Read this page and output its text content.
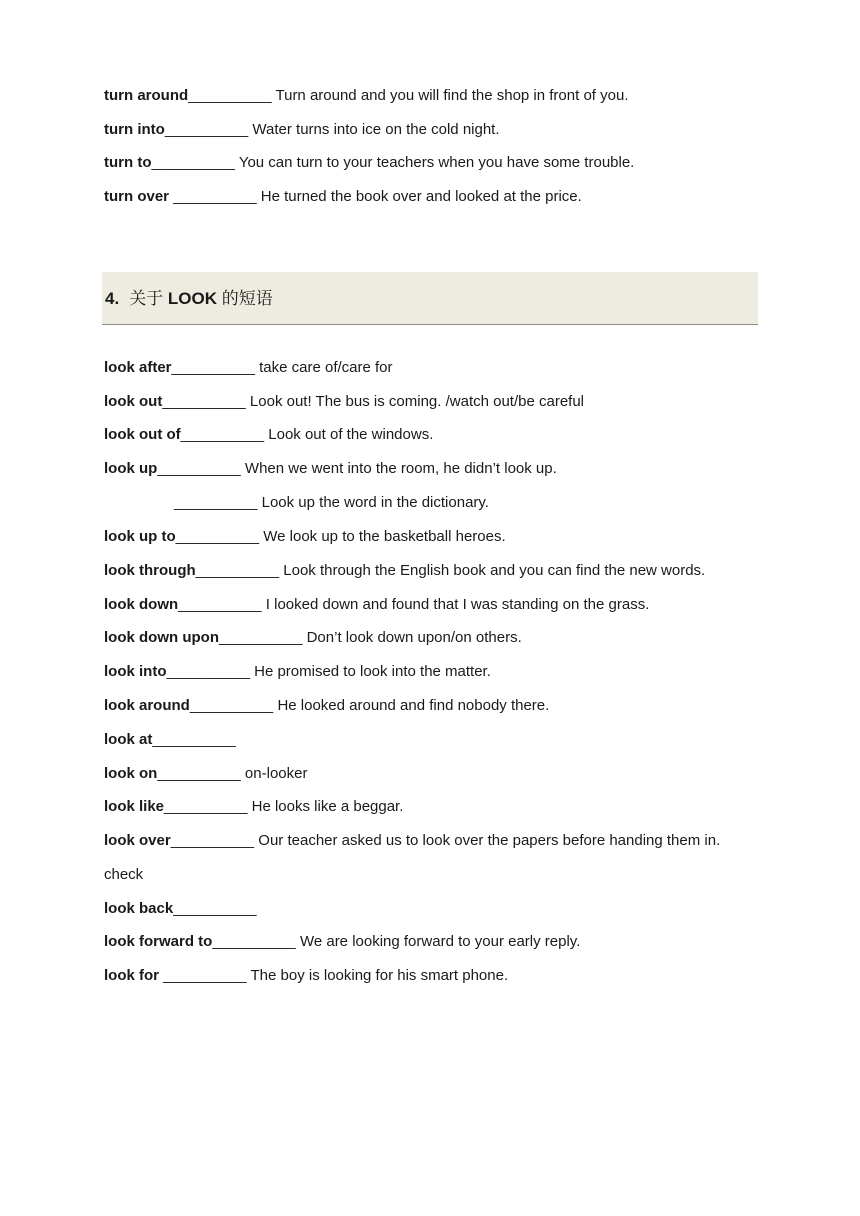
turn around__________ Turn around and you will find the shop in front of you.
turn into__________ Water turns into ice on the cold night.
turn to__________ You can turn to your teachers when you have some trouble.
turn over __________ He turned the book over and looked at the price.
4. 关于 LOOK 的短语
look after__________ take care of/care for
look out__________ Look out! The bus is coming. /watch out/be careful
look out of__________ Look out of the windows.
look up__________ When we went into the room, he didn’t look up.
__________ Look up the word in the dictionary.
look up to__________ We look up to the basketball heroes.
look through__________ Look through the English book and you can find the new words.
look down__________ I looked down and found that I was standing on the grass.
look down upon__________ Don’t look down upon/on others.
look into__________ He promised to look into the matter.
look around__________ He looked around and find nobody there.
look at__________
look on__________ on-looker
look like__________ He looks like a beggar.
look over__________ Our teacher asked us to look over the papers before handing them in.
check
look back__________
look forward to__________ We are looking forward to your early reply.
look for __________ The boy is looking for his smart phone.
